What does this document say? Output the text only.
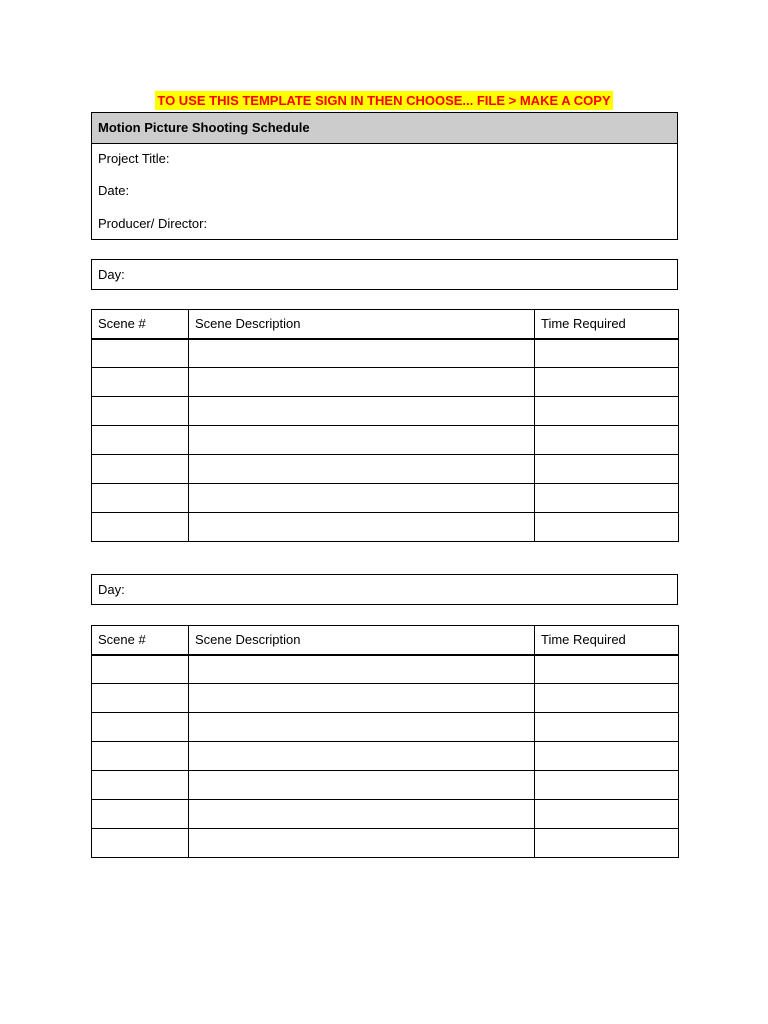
TO USE THIS TEMPLATE SIGN IN THEN CHOOSE... FILE > MAKE A COPY
Motion Picture Shooting Schedule
Project Title:
Date:
Producer/ Director:
Day:
Scene #	Scene Description	Time Required

Day:
Scene #	Scene Description	Time Required
